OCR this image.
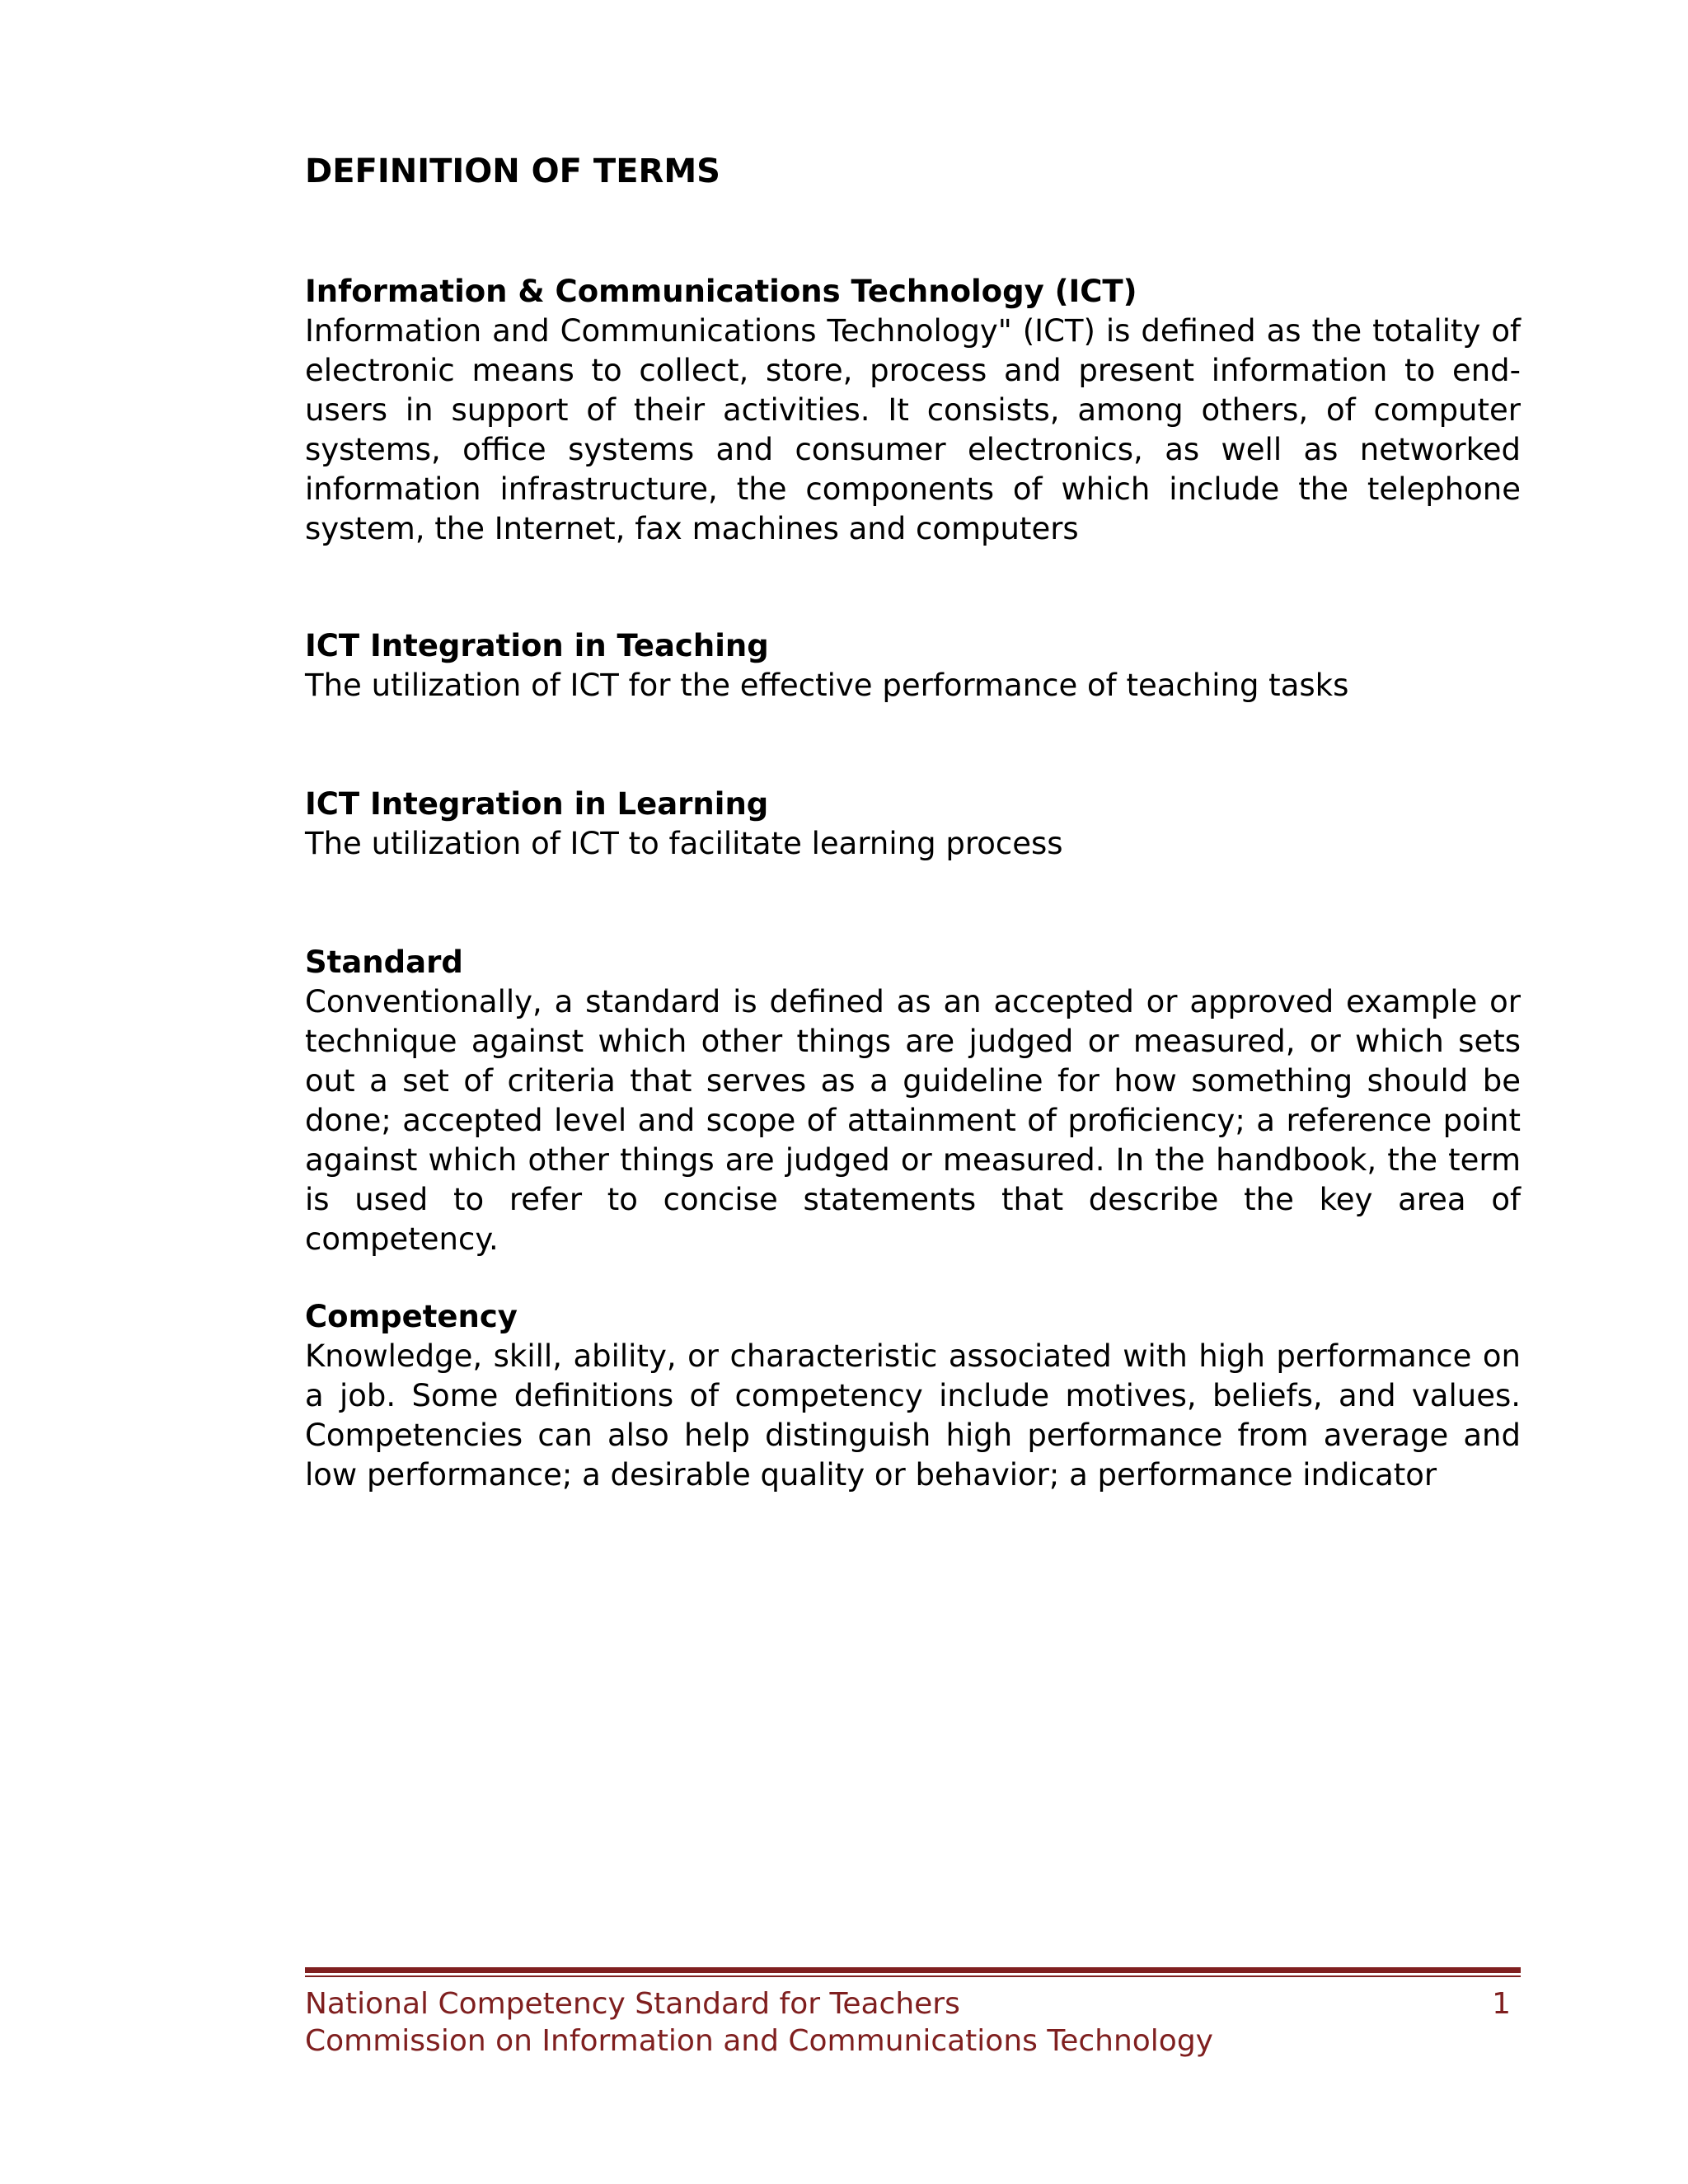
DEFINITION OF TERMS
Information & Communications Technology (ICT)

Information and Communications Technology" (ICT) is defined as the totality of electronic means to collect, store, process and present information to end-users in support of their activities. It consists, among others, of computer systems, office systems and consumer electronics, as well as networked information infrastructure, the components of which include the telephone system, the Internet, fax machines and computers

ICT Integration in Teaching

The utilization of ICT for the effective performance of teaching tasks

ICT Integration in Learning

The utilization of ICT to facilitate learning process

Standard

Conventionally, a standard is defined as an accepted or approved example or technique against which other things are judged or measured, or which sets out a set of criteria that serves as a guideline for how something should be done; accepted level and scope of attainment of proficiency; a reference point against which other things are judged or measured. In the handbook, the term is used to refer to concise statements that describe the key area of competency.

Competency

Knowledge, skill, ability, or characteristic associated with high performance on a job. Some definitions of competency include motives, beliefs, and values. Competencies can also help distinguish high performance from average and low performance; a desirable quality or behavior; a performance indicator

National Competency Standard for Teachers	1
Commission on Information and Communications Technology
